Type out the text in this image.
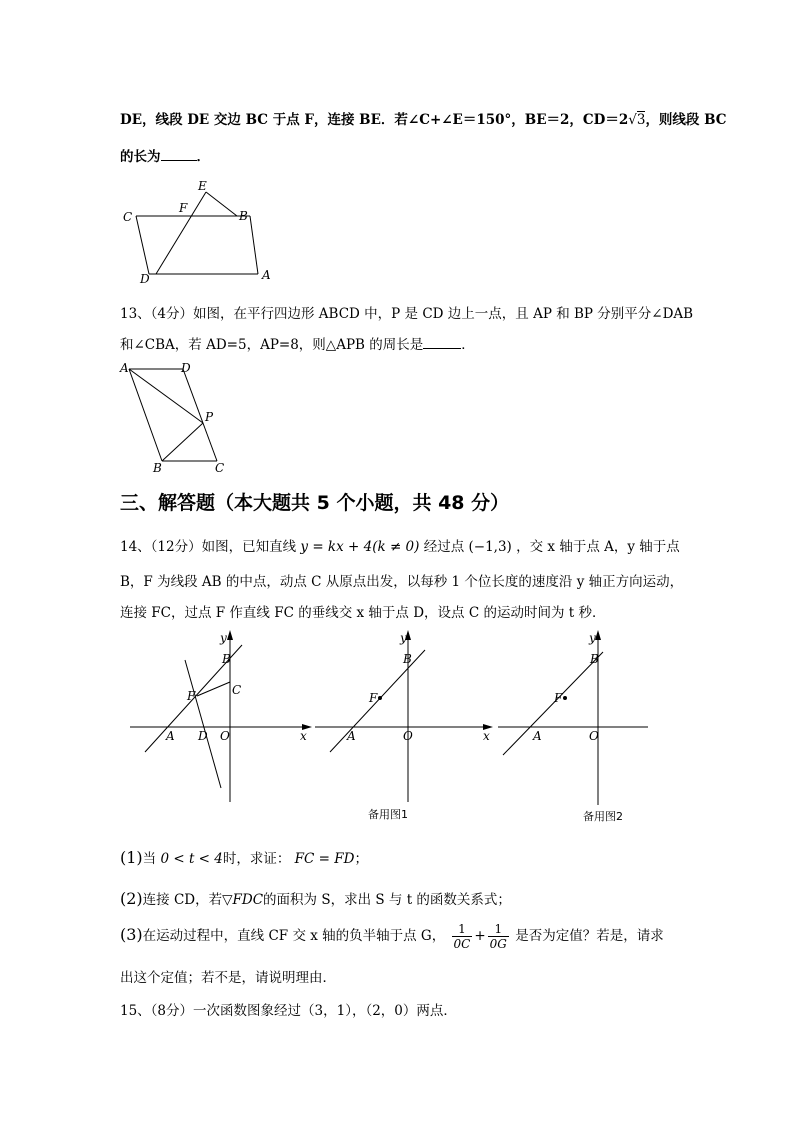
DE，线段 DE 交边 BC 于点 F，连接 BE．若∠C+∠E＝150°，BE＝2，CD＝2√3，则线段 BC
的长为	．
E
F
C	B
D	A
13、（4分）如图，在平行四边形 ABCD 中，P 是 CD 边上一点，且 AP 和 BP 分别平分∠DAB
和∠CBA，若 AD=5，AP=8，则△APB 的周长是	．
A	D
P
B	C
三、解答题（本大题共 5 个小题，共 48 分）
14、（12分）如图，已知直线 y = kx + 4(k ≠ 0) 经过点 (−1,3) ，交 x 轴于点 A，y 轴于点
B，F 为线段 AB 的中点，动点 C 从原点出发，以每秒 1 个位长度的速度沿 y 轴正方向运动，
连接 FC，过点 F 作直线 FC 的垂线交 x 轴于点 D，设点 C 的运动时间为 t 秒．
y
B
F	C
A D O	x
y
B
F
A	O	x
备用图1
y
B
F
A	O
备用图2
(1)当 0 < t < 4时，求证： FC = FD；
(2)连接 CD，若▽FDC的面积为 S，求出 S 与 t 的函数关系式；
(3)在运动过程中，直线 CF 交 x 轴的负半轴于点 G， $\frac{1}{0C} + \frac{1}{0G}$ 是否为定值？若是，请求
出这个定值；若不是，请说明理由．
15、（8分）一次函数图象经过（3，1），（2，0）两点．
